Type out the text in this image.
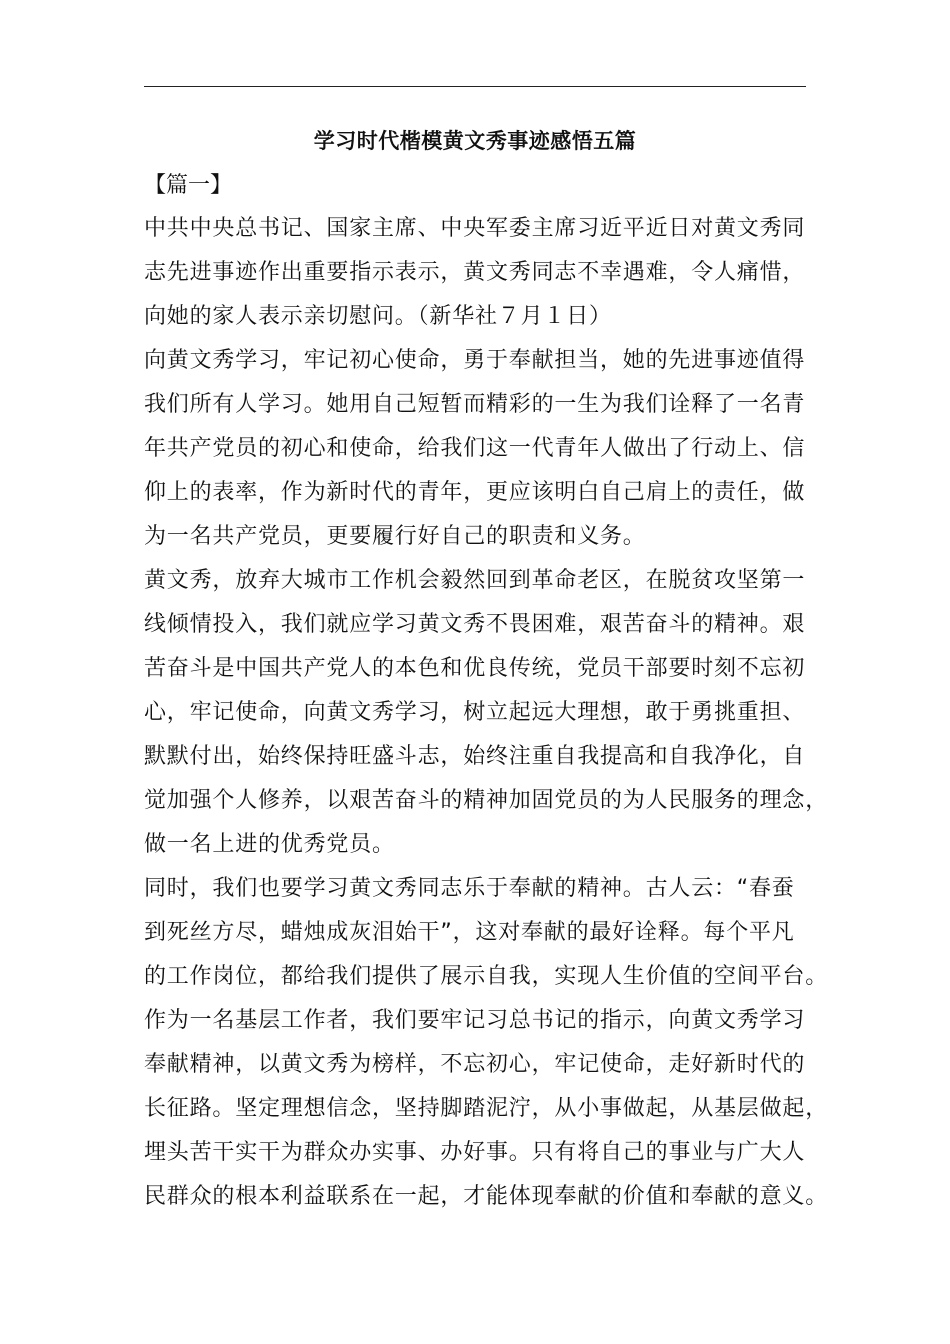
学习时代楷模黄文秀事迹感悟五篇
【篇一】
中共中央总书记、国家主席、中央军委主席习近平近日对黄文秀同
志先进事迹作出重要指示表示，黄文秀同志不幸遇难，令人痛惜，
向她的家人表示亲切慰问。（新华社７月１日）
向黄文秀学习，牢记初心使命，勇于奉献担当，她的先进事迹值得
我们所有人学习。她用自己短暂而精彩的一生为我们诠释了一名青
年共产党员的初心和使命，给我们这一代青年人做出了行动上、信
仰上的表率，作为新时代的青年，更应该明白自己肩上的责任，做
为一名共产党员，更要履行好自己的职责和义务。
黄文秀，放弃大城市工作机会毅然回到革命老区，在脱贫攻坚第一
线倾情投入，我们就应学习黄文秀不畏困难，艰苦奋斗的精神。艰
苦奋斗是中国共产党人的本色和优良传统，党员干部要时刻不忘初
心，牢记使命，向黄文秀学习，树立起远大理想，敢于勇挑重担、
默默付出，始终保持旺盛斗志，始终注重自我提高和自我净化，自
觉加强个人修养，以艰苦奋斗的精神加固党员的为人民服务的理念，
做一名上进的优秀党员。
同时，我们也要学习黄文秀同志乐于奉献的精神。古人云：“春蚕
到死丝方尽，蜡烛成灰泪始干”，这对奉献的最好诠释。每个平凡
的工作岗位，都给我们提供了展示自我，实现人生价值的空间平台。
作为一名基层工作者，我们要牢记习总书记的指示，向黄文秀学习
奉献精神，以黄文秀为榜样，不忘初心，牢记使命，走好新时代的
长征路。坚定理想信念，坚持脚踏泥泞，从小事做起，从基层做起，
埋头苦干实干为群众办实事、办好事。只有将自己的事业与广大人
民群众的根本利益联系在一起，才能体现奉献的价值和奉献的意义。
